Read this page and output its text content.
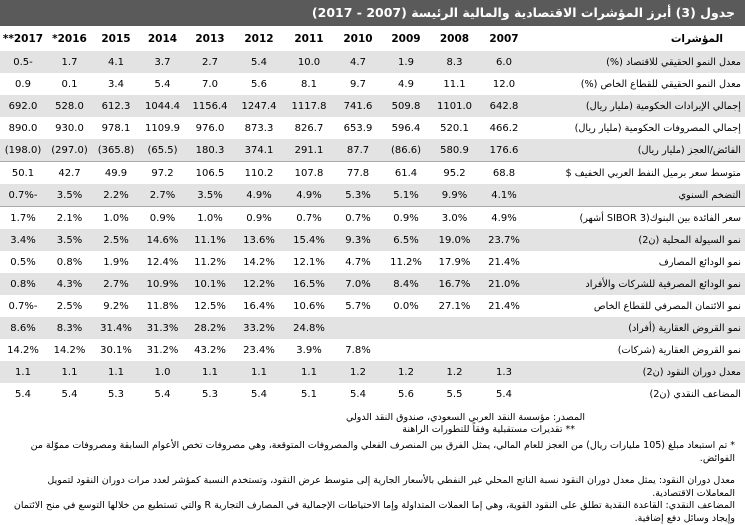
جدول (3) أبرز المؤشرات الاقتصادية والمالية الرئيسة (2007 - 2017)
المؤشرات	2007	2008	2009	2010	2011	2012	2013	2014	2015	2016*	2017**
معدل النمو الحقيقي للاقتصاد (%)	6.0	8.3	1.9	4.7	10.0	5.4	2.7	3.7	4.1	1.7	-0.5
معدل النمو الحقيقي للقطاع الخاص (%)	12.0	11.1	4.9	9.7	8.1	5.6	7.0	5.4	3.4	0.1	0.9
إجمالي الإيرادات الحكومية (مليار ريال)	642.8	1101.0	509.8	741.6	1117.8	1247.4	1156.4	1044.4	612.3	528.0	692.0
إجمالي المصروفات الحكومية (مليار ريال)	466.2	520.1	596.4	653.9	826.7	873.3	976.0	1109.9	978.1	930.0	890.0
الفائض/العجز (مليار ريال)	176.6	580.9	(86.6)	87.7	291.1	374.1	180.3	(65.5)	(365.8)	(297.0)	(198.0)
متوسط سعر برميل النفط العربي الخفيف $	68.8	95.2	61.4	77.8	107.8	110.2	106.5	97.2	49.9	42.7	50.1
التضخم السنوي	4.1%	9.9%	5.1%	5.3%	4.9%	4.9%	3.5%	2.7%	2.2%	3.5%	-0.7%
سعر الفائدة بين البنوك(SIBOR 3 أشهر)	4.9%	3.0%	0.9%	0.7%	0.7%	0.9%	1.0%	0.9%	1.0%	2.1%	1.7%
نمو السيولة المحلية (ن2)	23.7%	19.0%	6.5%	9.3%	15.4%	13.6%	11.1%	14.6%	2.5%	3.5%	3.4%
نمو الودائع المصارف	21.4%	17.9%	11.2%	4.7%	12.1%	14.2%	11.2%	12.4%	1.9%	0.8%	0.5%
نمو الودائع المصرفية للشركات والأفراد	21.0%	16.7%	8.4%	7.0%	16.5%	12.2%	10.1%	10.9%	2.7%	4.3%	0.8%
نمو الائتمان المصرفي للقطاع الخاص	21.4%	27.1%	0.0%	5.7%	10.6%	16.4%	12.5%	11.8%	9.2%	2.5%	-0.7%
نمو القروض العقارية (أفراد)					24.8%	33.2%	28.2%	31.3%	31.4%	8.3%	8.6%
نمو القروض العقارية (شركات)				7.8%	3.9%	23.4%	43.2%	31.2%	30.1%	14.2%	14.2%
معدل دوران النقود (ن2)	1.3	1.2	1.2	1.2	1.1	1.1	1.1	1.0	1.1	1.1	1.1
المضاعف النقدي (ن2)	5.4	5.5	5.6	5.4	5.1	5.4	5.3	5.4	5.3	5.4	5.4
المصدر: مؤسسة النقد العربي السعودي، صندوق النقد الدولي
** تقديرات مستقبلية وفقاً للتطورات الراهنة

* تم استبعاد مبلغ (105 مليارات ريال) من العجز للعام المالي، يمثل الفرق بين المنصرف الفعلي والمصروفات المتوقعة، وهي مصروفات تخص الأعوام السابقة ومصروفات مموّلة من الفوائض.

معدل دوران النقود: يمثل معدل دوران النقود نسبة الناتج المحلي غير النفطي بالأسعار الجارية إلى متوسط عرض النقود، وتستخدم النسبة كمؤشر لعدد مرات دوران النقود لتمويل المعاملات الاقتصادية.

المضاعف النقدي: القاعدة النقدية تطلق على النقود القوية، وهي إما العملات المتداولة وإما الاحتياطات الإجمالية في المصارف التجارية R والتي تستطيع من خلالها التوسع في منح الائتمان وإيجاد وسائل دفع إضافية.
